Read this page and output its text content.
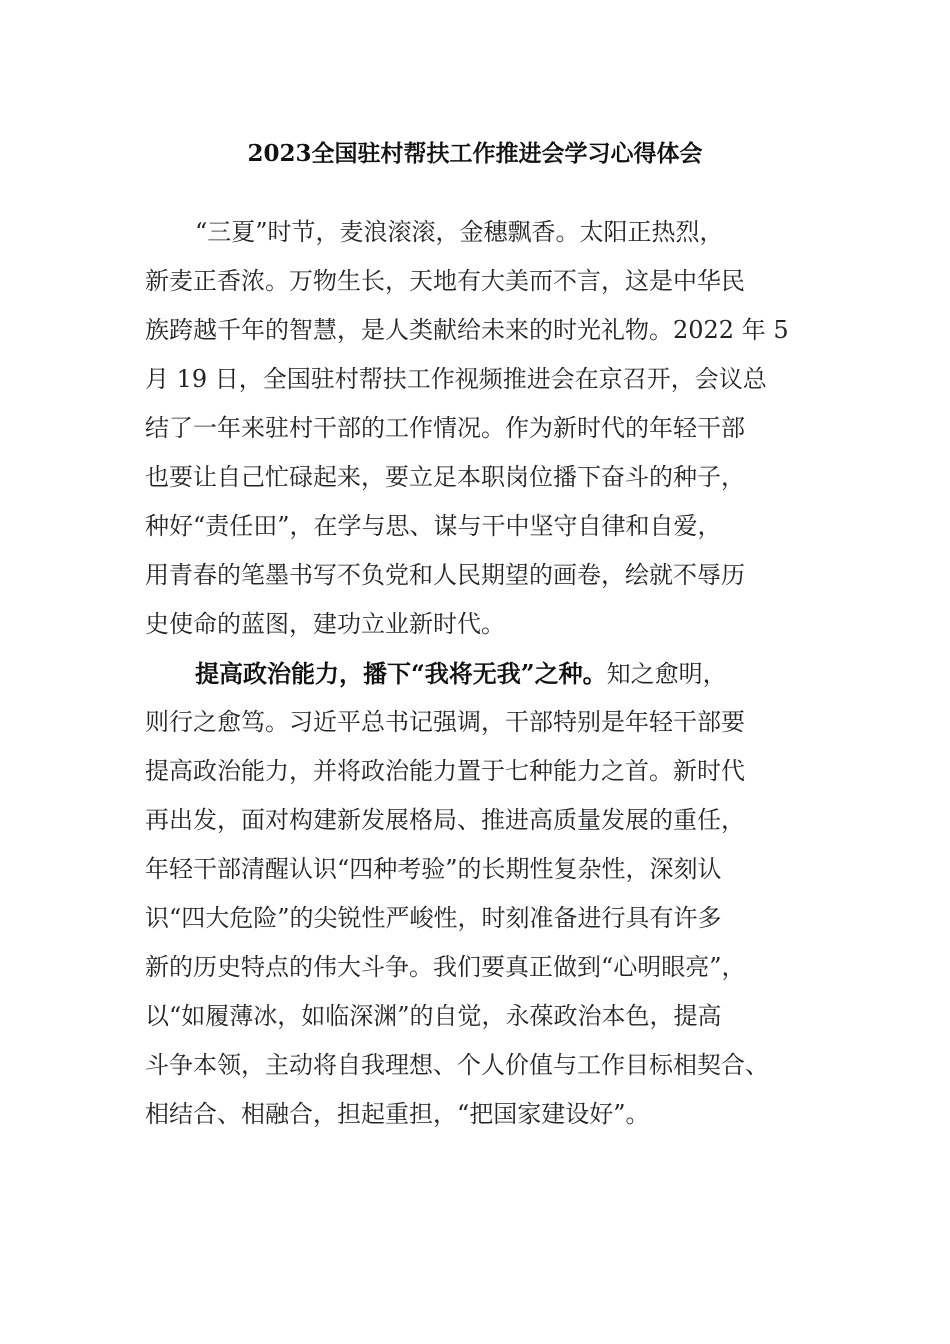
2023全国驻村帮扶工作推进会学习心得体会
“三夏”时节，麦浪滚滚，金穗飘香。太阳正热烈，
新麦正香浓。万物生长，天地有大美而不言，这是中华民
族跨越千年的智慧，是人类献给未来的时光礼物。2022 年 5
月 19 日，全国驻村帮扶工作视频推进会在京召开，会议总
结了一年来驻村干部的工作情况。作为新时代的年轻干部
也要让自己忙碌起来，要立足本职岗位播下奋斗的种子，
种好“责任田”，在学与思、谋与干中坚守自律和自爱，
用青春的笔墨书写不负党和人民期望的画卷，绘就不辱历
史使命的蓝图，建功立业新时代。
提高政治能力，播下“我将无我”之种。知之愈明，
则行之愈笃。习近平总书记强调，干部特别是年轻干部要
提高政治能力，并将政治能力置于七种能力之首。新时代
再出发，面对构建新发展格局、推进高质量发展的重任，
年轻干部清醒认识“四种考验”的长期性复杂性，深刻认
识“四大危险”的尖锐性严峻性，时刻准备进行具有许多
新的历史特点的伟大斗争。我们要真正做到“心明眼亮”，
以“如履薄冰，如临深渊”的自觉，永葆政治本色，提高
斗争本领，主动将自我理想、个人价值与工作目标相契合、
相结合、相融合，担起重担，“把国家建设好”。
